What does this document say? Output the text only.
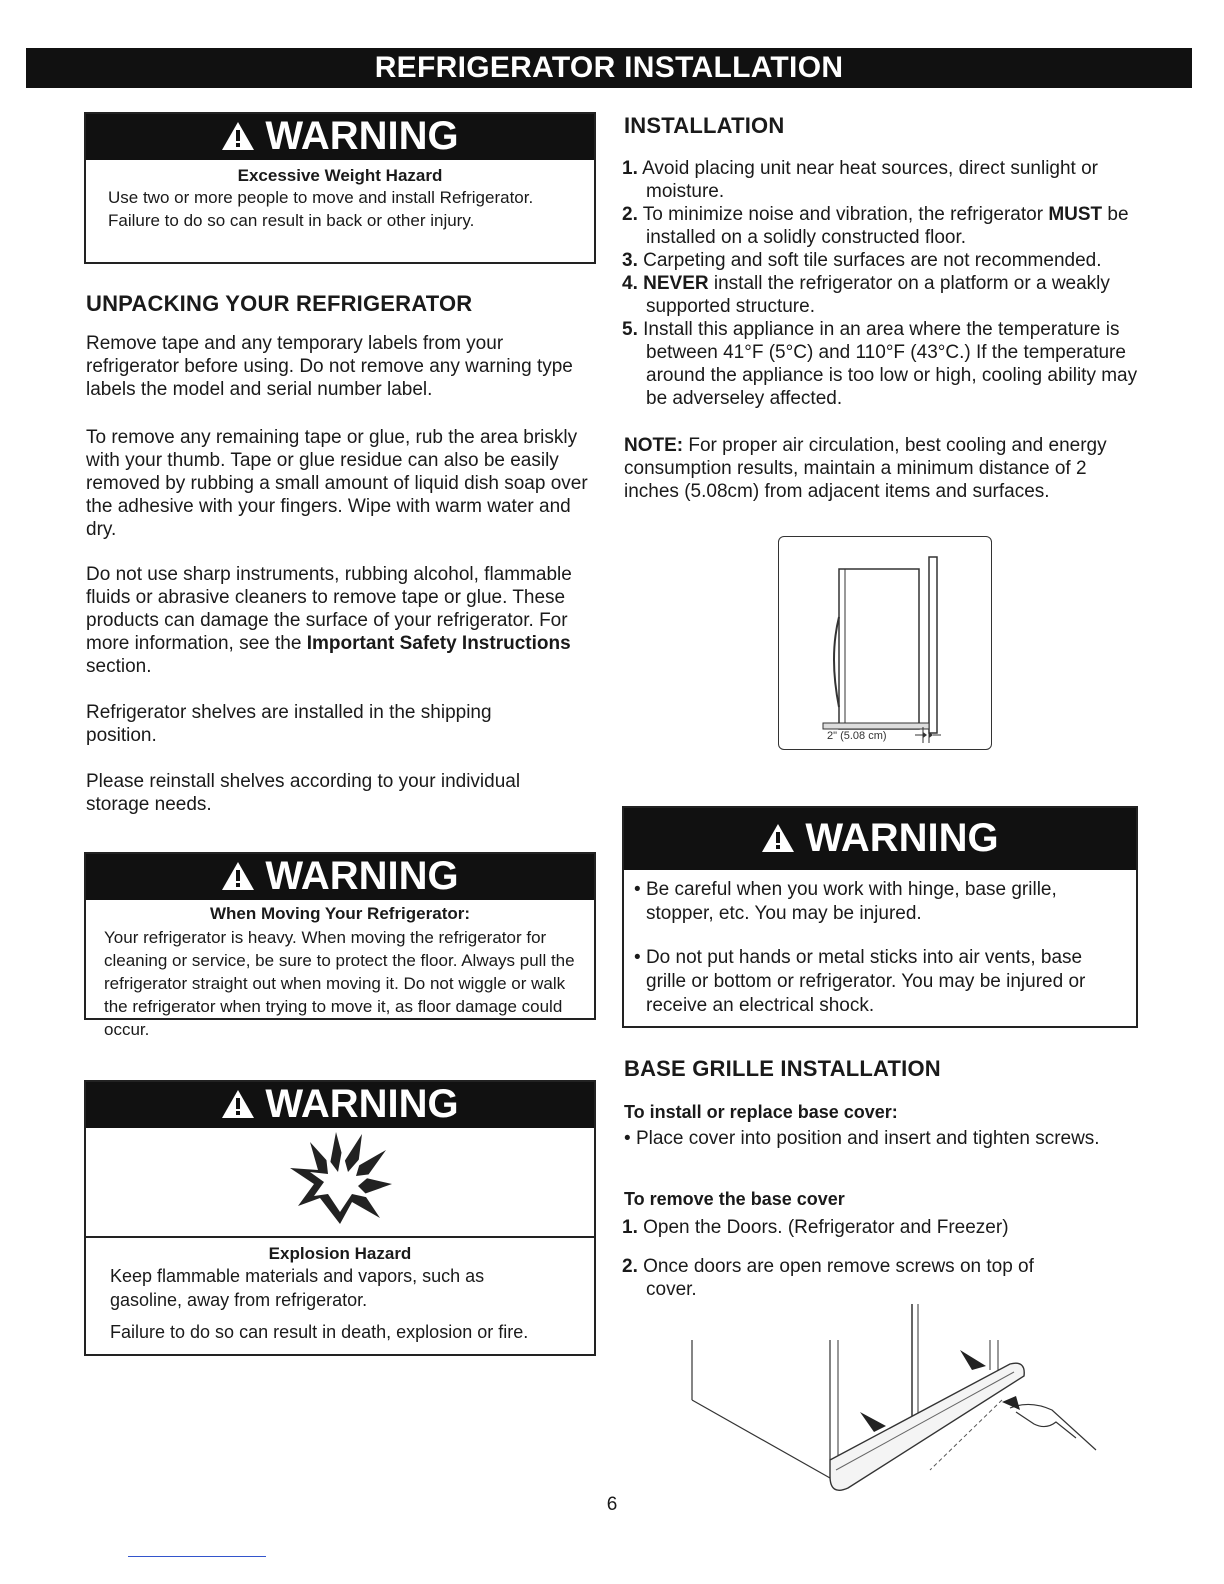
REFRIGERATOR INSTALLATION
WARNING
Excessive Weight Hazard
Use two or more people to move and install Refrigerator.
Failure to do so can result in back or other injury.
UNPACKING YOUR REFRIGERATOR

Remove tape and any temporary labels from your refrigerator before using. Do not remove any warning type labels the model and serial number label.

To remove any remaining tape or glue, rub the area briskly with your thumb. Tape or glue residue can also be easily removed by rubbing a small amount of liquid dish soap over the adhesive with your fingers. Wipe with warm water and dry.

Do not use sharp instruments, rubbing alcohol, flammable fluids or abrasive cleaners to remove tape or glue. These products can damage the surface of your refrigerator. For more information, see the Important Safety Instructions section.

Refrigerator shelves are installed in the shipping position.

Please reinstall shelves according to your individual storage needs.

WARNING
When Moving Your Refrigerator:
Your refrigerator is heavy. When moving the refrigerator for cleaning or service, be sure to protect the floor. Always pull the refrigerator straight out when moving it. Do not wiggle or walk the refrigerator when trying to move it, as floor damage could occur.
WARNING
Explosion Hazard
Keep flammable materials and vapors, such as gasoline, away from refrigerator.
Failure to do so can result in death, explosion or fire.
INSTALLATION
1. Avoid placing unit near heat sources, direct sunlight or moisture.
2. To minimize noise and vibration, the refrigerator MUST be installed on a solidly constructed floor.
3. Carpeting and soft tile surfaces are not recommended.
4. NEVER install the refrigerator on a platform or a weakly supported structure.
5. Install this appliance in an area where the temperature is between 41°F (5°C) and 110°F (43°C.) If the temperature around the appliance is too low or high, cooling ability may be adverseley affected.

NOTE: For proper air circulation, best cooling and energy consumption results, maintain a minimum distance of 2 inches (5.08cm) from adjacent items and surfaces.

2" (5.08 cm)
WARNING
• Be careful when you work with hinge, base grille, stopper, etc. You may be injured.
• Do not put hands or metal sticks into air vents, base grille or bottom or refrigerator. You may be injured or receive an electrical shock.
BASE GRILLE INSTALLATION
To install or replace base cover:
• Place cover into position and insert and tighten screws.
To remove the base cover
1. Open the Doors. (Refrigerator and Freezer)
2. Once doors are open remove screws on top of cover.
6
